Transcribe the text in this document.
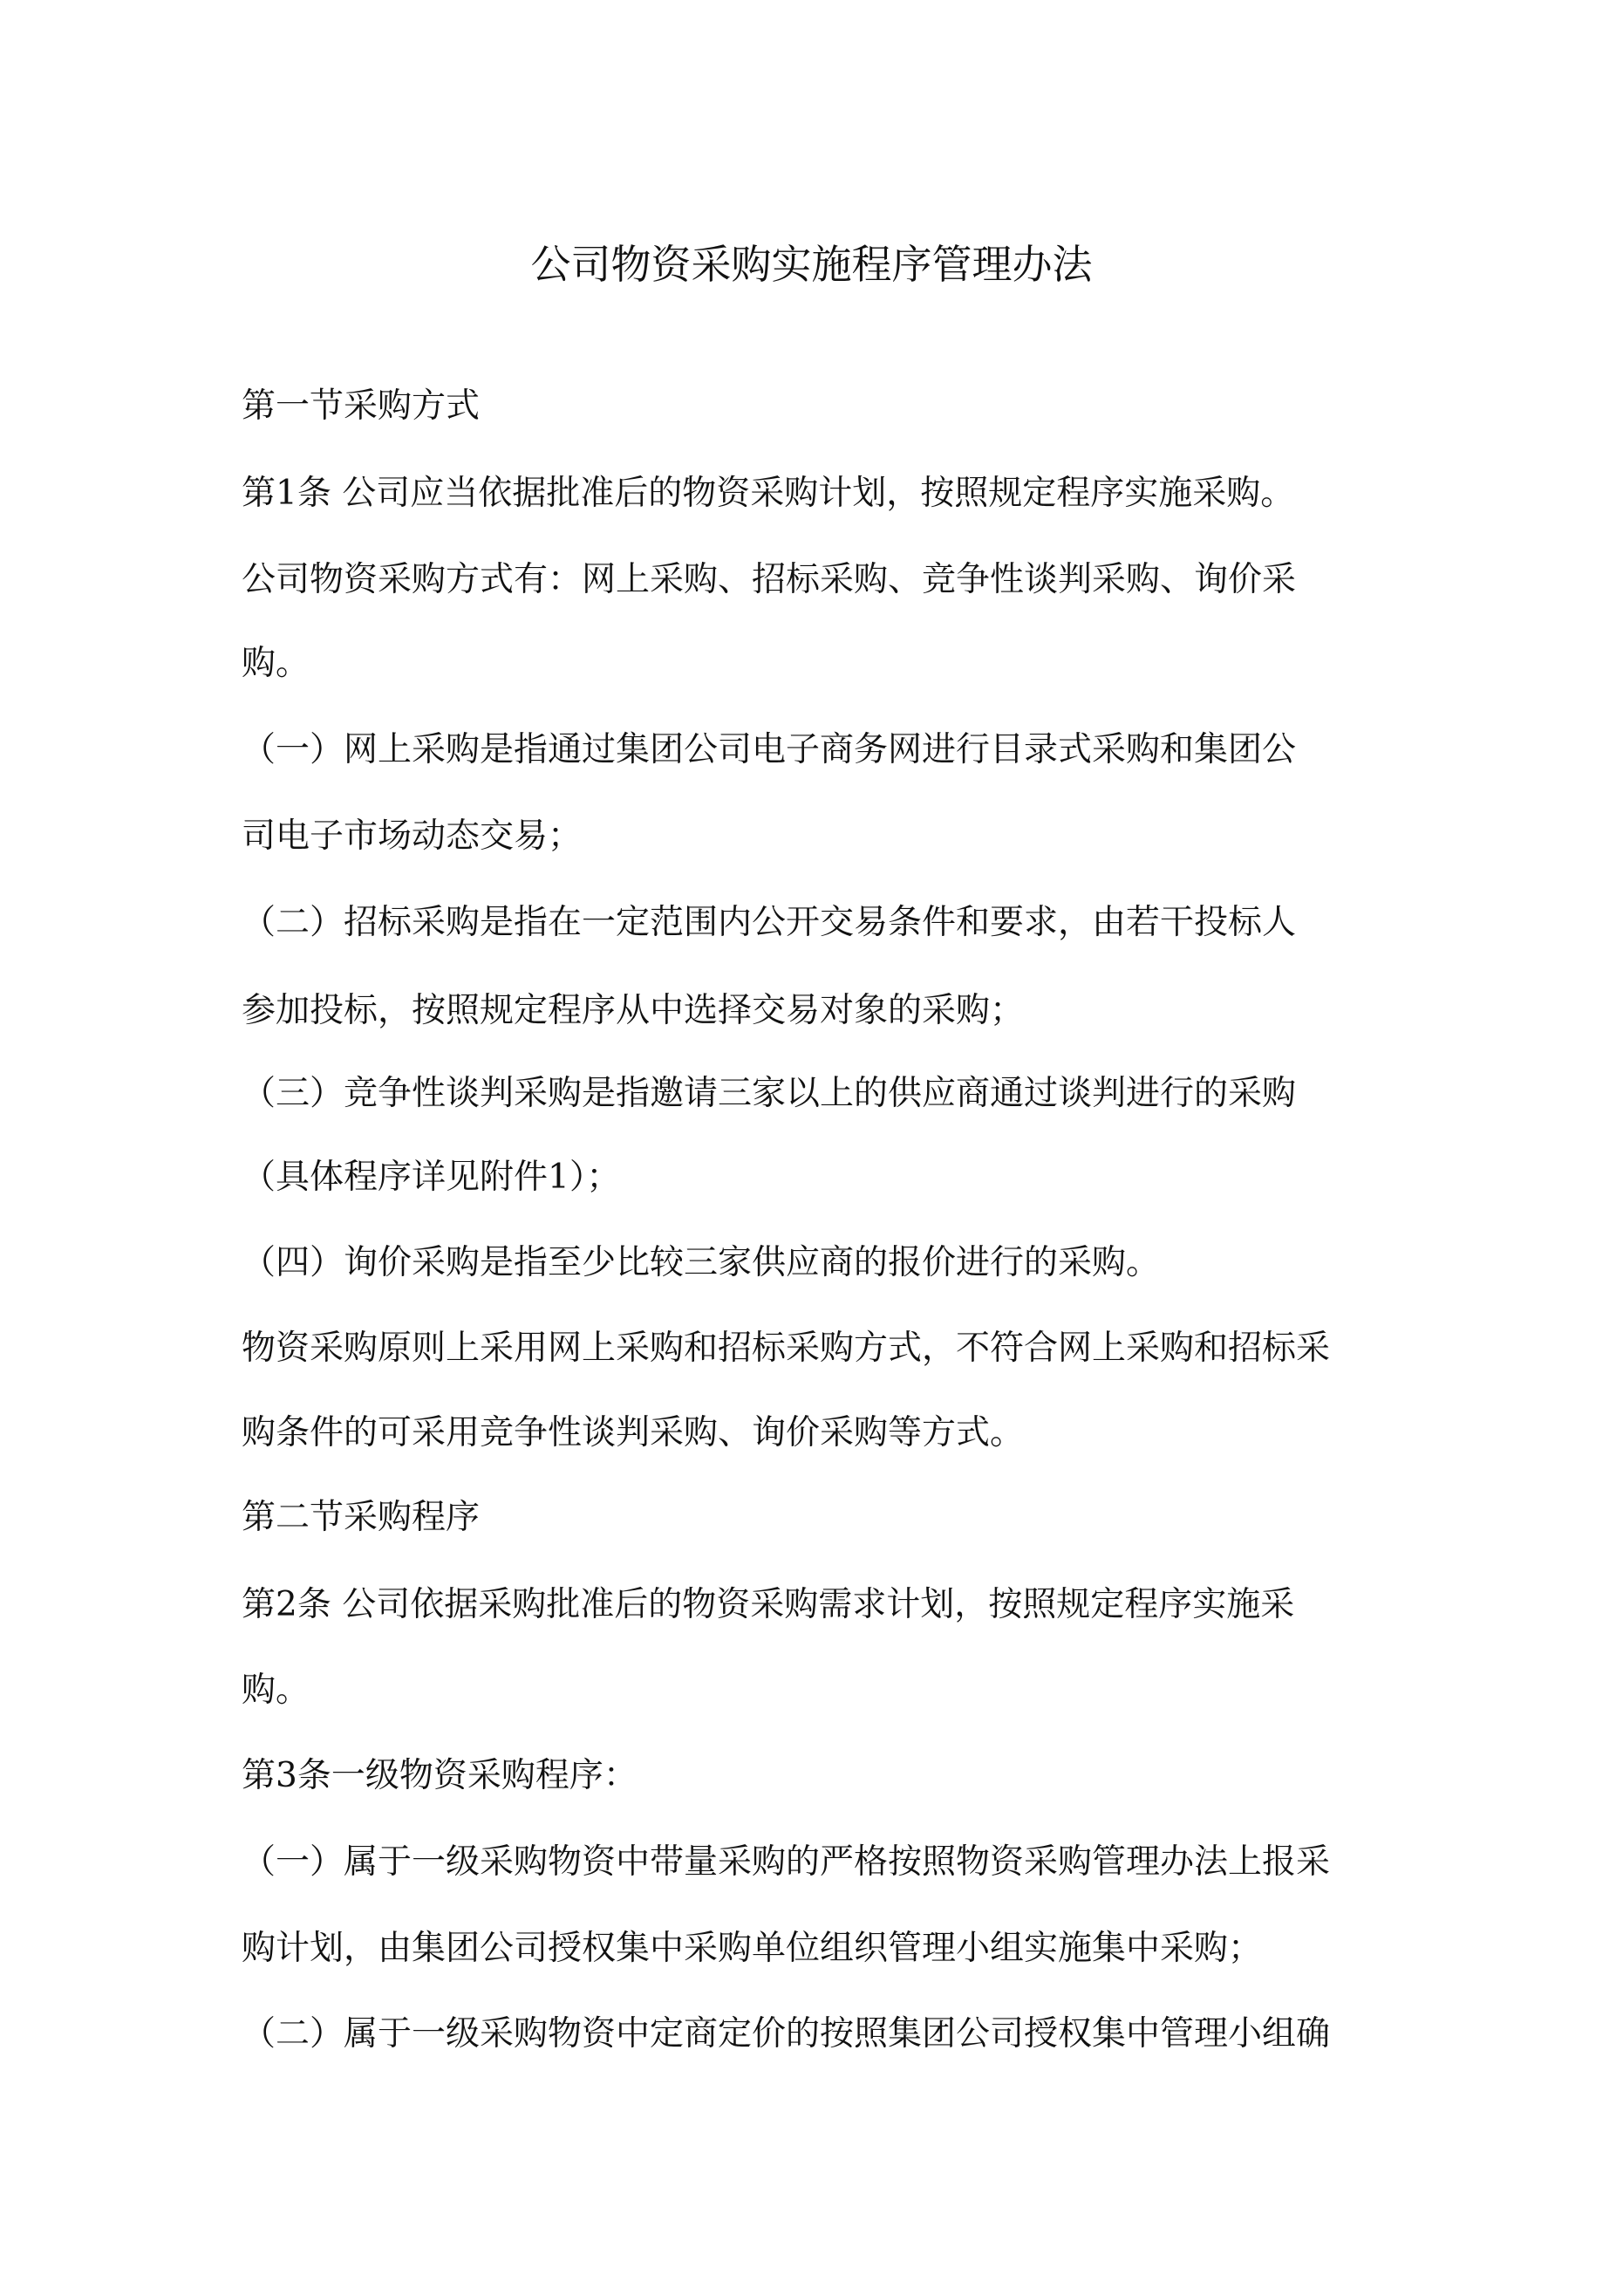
公司物资采购实施程序管理办法
第一节采购方式
第1条 公司应当依据批准后的物资采购计划，按照规定程序实施采购。
公司物资采购方式有：网上采购、招标采购、竞争性谈判采购、询价采
购。
（一）网上采购是指通过集团公司电子商务网进行目录式采购和集团公
司电子市场动态交易；
（二）招标采购是指在一定范围内公开交易条件和要求，由若干投标人
参加投标，按照规定程序从中选择交易对象的采购；
（三）竞争性谈判采购是指邀请三家以上的供应商通过谈判进行的采购
（具体程序详见附件1）；
（四）询价采购是指至少比较三家供应商的报价进行的采购。
物资采购原则上采用网上采购和招标采购方式，不符合网上采购和招标采
购条件的可采用竞争性谈判采购、询价采购等方式。
第二节采购程序
第2条 公司依据采购批准后的物资采购需求计划，按照规定程序实施采
购。
第3条一级物资采购程序：
（一）属于一级采购物资中带量采购的严格按照物资采购管理办法上报采
购计划，由集团公司授权集中采购单位组织管理小组实施集中采购；
（二）属于一级采购物资中定商定价的按照集团公司授权集中管理小组确
